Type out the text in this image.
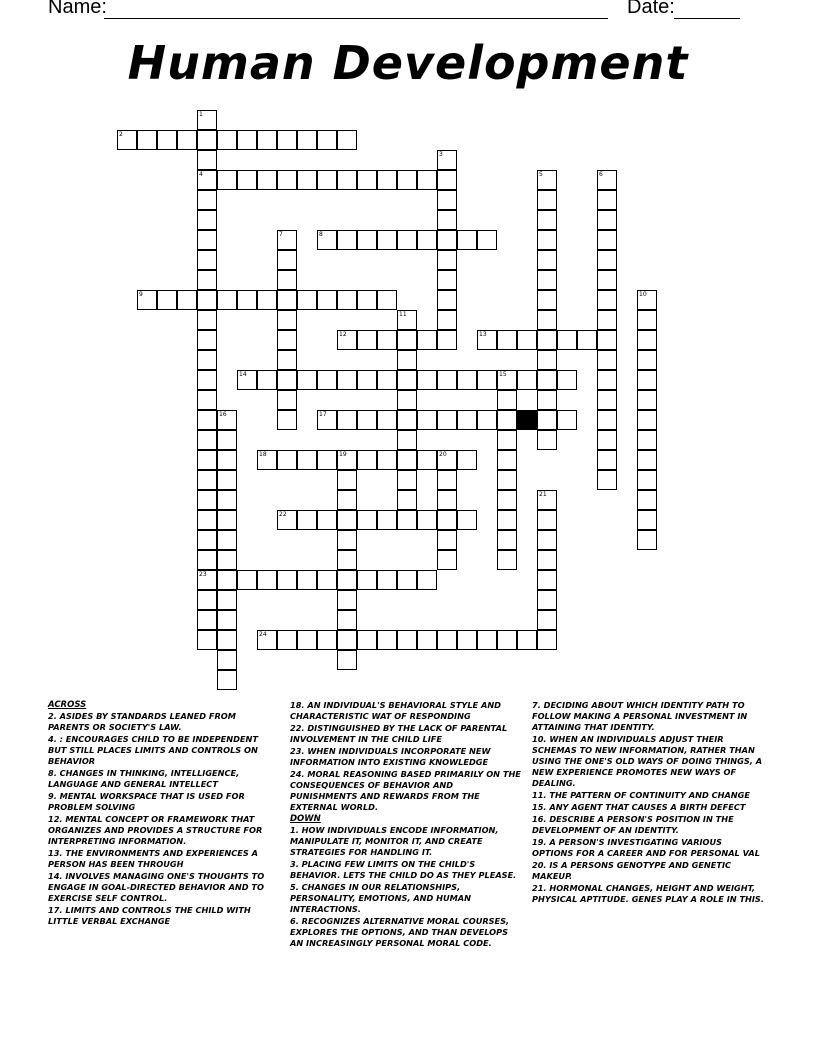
Name:	Date:
Human Development
1
4
23
2
3
5	6
7	8
9	10
11
12	13
14	15
16	17
18	19	20
21
22
24
ACROSS
2. ASIDES BY STANDARDS LEANED FROM PARENTS OR SOCIETY'S LAW.
4. : ENCOURAGES CHILD TO BE INDEPENDENT BUT STILL PLACES LIMITS AND CONTROLS ON BEHAVIOR
8. CHANGES IN THINKING, INTELLIGENCE, LANGUAGE AND GENERAL INTELLECT
9. MENTAL WORKSPACE THAT IS USED FOR PROBLEM SOLVING
12. MENTAL CONCEPT OR FRAMEWORK THAT ORGANIZES AND PROVIDES A STRUCTURE FOR INTERPRETING INFORMATION.
13. THE ENVIRONMENTS AND EXPERIENCES A PERSON HAS BEEN THROUGH
14. INVOLVES MANAGING ONE'S THOUGHTS TO ENGAGE IN GOAL-DIRECTED BEHAVIOR AND TO EXERCISE SELF CONTROL.
17. LIMITS AND CONTROLS THE CHILD WITH LITTLE VERBAL EXCHANGE
18. AN INDIVIDUAL'S BEHAVIORAL STYLE AND CHARACTERISTIC WAT OF RESPONDING
22. DISTINGUISHED BY THE LACK OF PARENTAL INVOLVEMENT IN THE CHILD LIFE
23. WHEN INDIVIDUALS INCORPORATE NEW INFORMATION INTO EXISTING KNOWLEDGE
24. MORAL REASONING BASED PRIMARILY ON THE CONSEQUENCES OF BEHAVIOR AND PUNISHMENTS AND REWARDS FROM THE EXTERNAL WORLD.
DOWN
1. HOW INDIVIDUALS ENCODE INFORMATION, MANIPULATE IT, MONITOR IT, AND CREATE STRATEGIES FOR HANDLING IT.
3. PLACING FEW LIMITS ON THE CHILD'S BEHAVIOR. LETS THE CHILD DO AS THEY PLEASE.
5. CHANGES IN OUR RELATIONSHIPS, PERSONALITY, EMOTIONS, AND HUMAN INTERACTIONS.
6. RECOGNIZES ALTERNATIVE MORAL COURSES, EXPLORES THE OPTIONS, AND THAN DEVELOPS AN INCREASINGLY PERSONAL MORAL CODE.
7. DECIDING ABOUT WHICH IDENTITY PATH TO FOLLOW MAKING A PERSONAL INVESTMENT IN ATTAINING THAT IDENTITY.
10. WHEN AN INDIVIDUALS ADJUST THEIR SCHEMAS TO NEW INFORMATION, RATHER THAN USING THE ONE'S OLD WAYS OF DOING THINGS, A NEW EXPERIENCE PROMOTES NEW WAYS OF DEALING.
11. THE PATTERN OF CONTINUITY AND CHANGE
15. ANY AGENT THAT CAUSES A BIRTH DEFECT
16. DESCRIBE A PERSON'S POSITION IN THE DEVELOPMENT OF AN IDENTITY.
19. A PERSON'S INVESTIGATING VARIOUS OPTIONS FOR A CAREER AND FOR PERSONAL VAL
20. IS A PERSONS GENOTYPE AND GENETIC MAKEUP.
21. HORMONAL CHANGES, HEIGHT AND WEIGHT, PHYSICAL APTITUDE. GENES PLAY A ROLE IN THIS.
